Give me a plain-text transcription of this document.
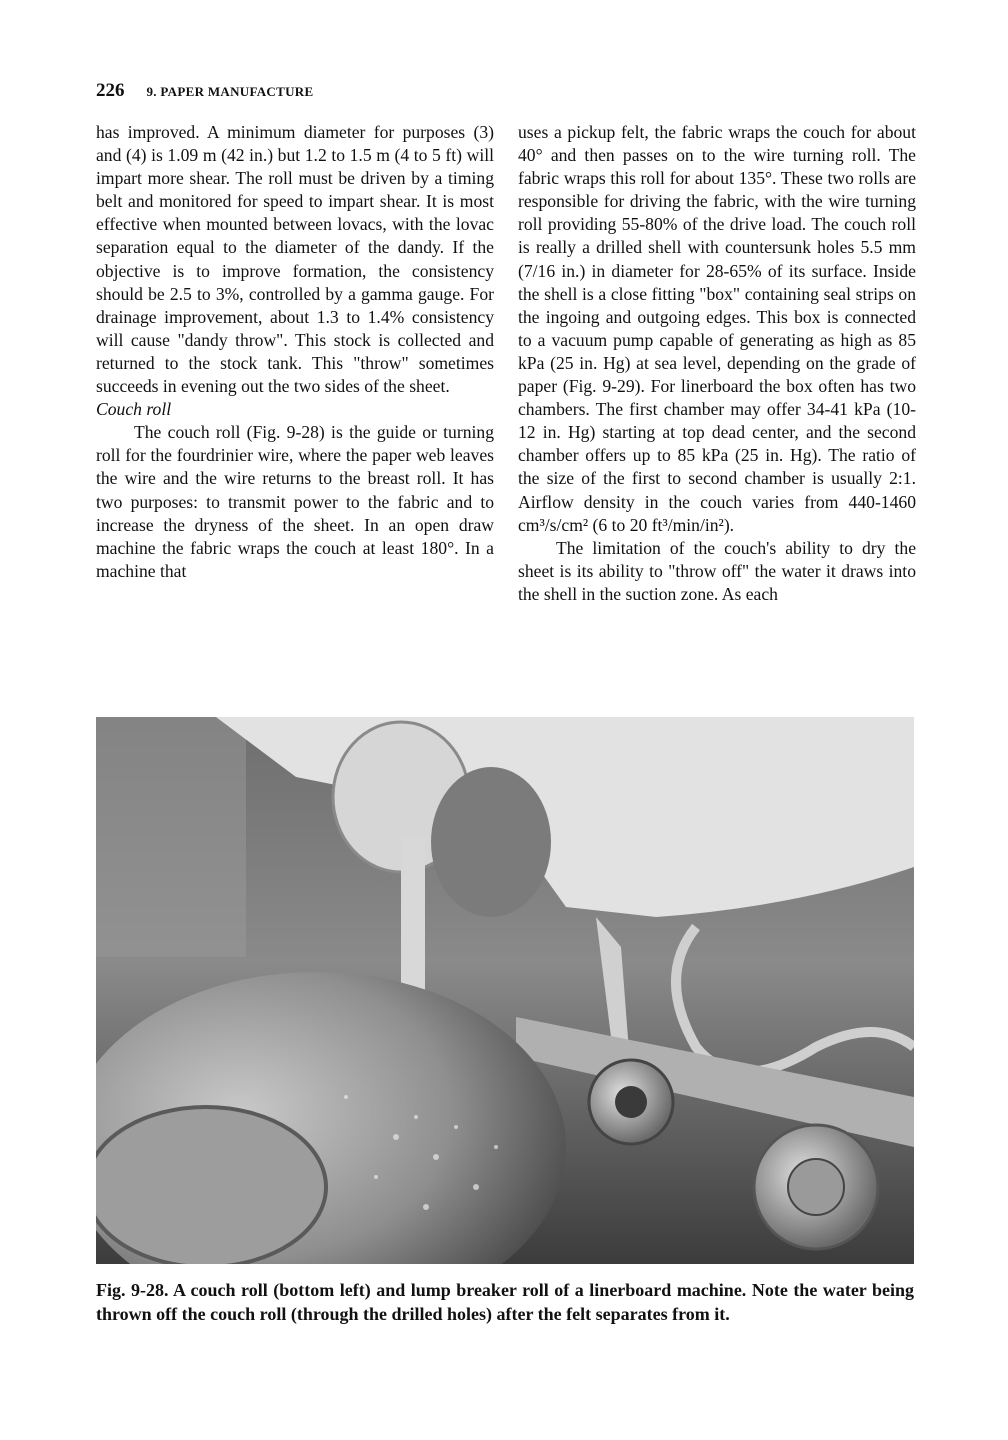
226 9. PAPER MANUFACTURE

has improved. A minimum diameter for purposes (3) and (4) is 1.09 m (42 in.) but 1.2 to 1.5 m (4 to 5 ft) will impart more shear. The roll must be driven by a timing belt and monitored for speed to impart shear. It is most effective when mounted between lovacs, with the lovac separation equal to the diameter of the dandy. If the objective is to improve formation, the consistency should be 2.5 to 3%, controlled by a gamma gauge. For drainage improvement, about 1.3 to 1.4% consistency will cause "dandy throw". This stock is collected and returned to the stock tank. This "throw" sometimes succeeds in evening out the two sides of the sheet.

Couch roll

The couch roll (Fig. 9-28) is the guide or turning roll for the fourdrinier wire, where the paper web leaves the wire and the wire returns to the breast roll. It has two purposes: to transmit power to the fabric and to increase the dryness of the sheet. In an open draw machine the fabric wraps the couch at least 180°. In a machine that

uses a pickup felt, the fabric wraps the couch for about 40° and then passes on to the wire turning roll. The fabric wraps this roll for about 135°. These two rolls are responsible for driving the fabric, with the wire turning roll providing 55-80% of the drive load. The couch roll is really a drilled shell with countersunk holes 5.5 mm (7/16 in.) in diameter for 28-65% of its surface. Inside the shell is a close fitting "box" containing seal strips on the ingoing and outgoing edges. This box is connected to a vacuum pump capable of generating as high as 85 kPa (25 in. Hg) at sea level, depending on the grade of paper (Fig. 9-29). For linerboard the box often has two chambers. The first chamber may offer 34-41 kPa (10-12 in. Hg) starting at top dead center, and the second chamber offers up to 85 kPa (25 in. Hg). The ratio of the size of the first to second chamber is usually 2:1. Airflow density in the couch varies from 440-1460 cm³/s/cm² (6 to 20 ft³/min/in²).

The limitation of the couch's ability to dry the sheet is its ability to "throw off" the water it draws into the shell in the suction zone. As each

Fig. 9-28. A couch roll (bottom left) and lump breaker roll of a linerboard machine. Note the water being thrown off the couch roll (through the drilled holes) after the felt separates from it.
